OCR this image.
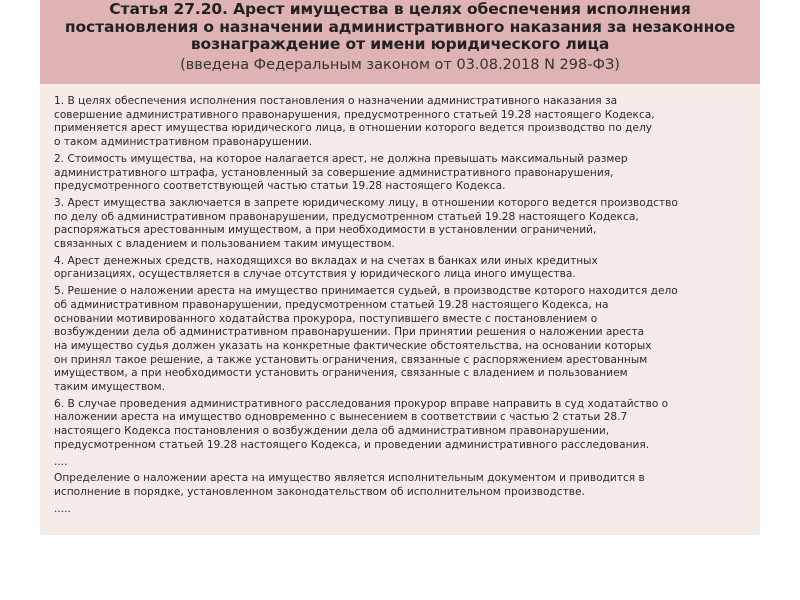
Статья 27.20. Арест имущества в целях обеспечения исполнения
постановления о назначении административного наказания за незаконное
вознаграждение от имени юридического лица
(введена Федеральным законом от 03.08.2018 N 298-ФЗ)
1. В целях обеспечения исполнения постановления о назначении административного наказания за
совершение административного правонарушения, предусмотренного статьей 19.28 настоящего Кодекса,
применяется арест имущества юридического лица, в отношении которого ведется производство по делу
о таком административном правонарушении.
2. Стоимость имущества, на которое налагается арест, не должна превышать максимальный размер
административного штрафа, установленный за совершение административного правонарушения,
предусмотренного соответствующей частью статьи 19.28 настоящего Кодекса.
3. Арест имущества заключается в запрете юридическому лицу, в отношении которого ведется производство
по делу об административном правонарушении, предусмотренном статьей 19.28 настоящего Кодекса,
распоряжаться арестованным имуществом, а при необходимости в установлении ограничений,
связанных с владением и пользованием таким имуществом.
4. Арест денежных средств, находящихся во вкладах и на счетах в банках или иных кредитных
организациях, осуществляется в случае отсутствия у юридического лица иного имущества.
5. Решение о наложении ареста на имущество принимается судьей, в производстве которого находится дело
об административном правонарушении, предусмотренном статьей 19.28 настоящего Кодекса, на
основании мотивированного ходатайства прокурора, поступившего вместе с постановлением о
возбуждении дела об административном правонарушении. При принятии решения о наложении ареста
на имущество судья должен указать на конкретные фактические обстоятельства, на основании которых
он принял такое решение, а также установить ограничения, связанные с распоряжением арестованным
имуществом, а при необходимости установить ограничения, связанные с владением и пользованием
таким имуществом.
6. В случае проведения административного расследования прокурор вправе направить в суд ходатайство о
наложении ареста на имущество одновременно с вынесением в соответствии с частью 2 статьи 28.7
настоящего Кодекса постановления о возбуждении дела об административном правонарушении,
предусмотренном статьей 19.28 настоящего Кодекса, и проведении административного расследования.
....
Определение о наложении ареста на имущество является исполнительным документом и приводится в
исполнение в порядке, установленном законодательством об исполнительном производстве.
.....
